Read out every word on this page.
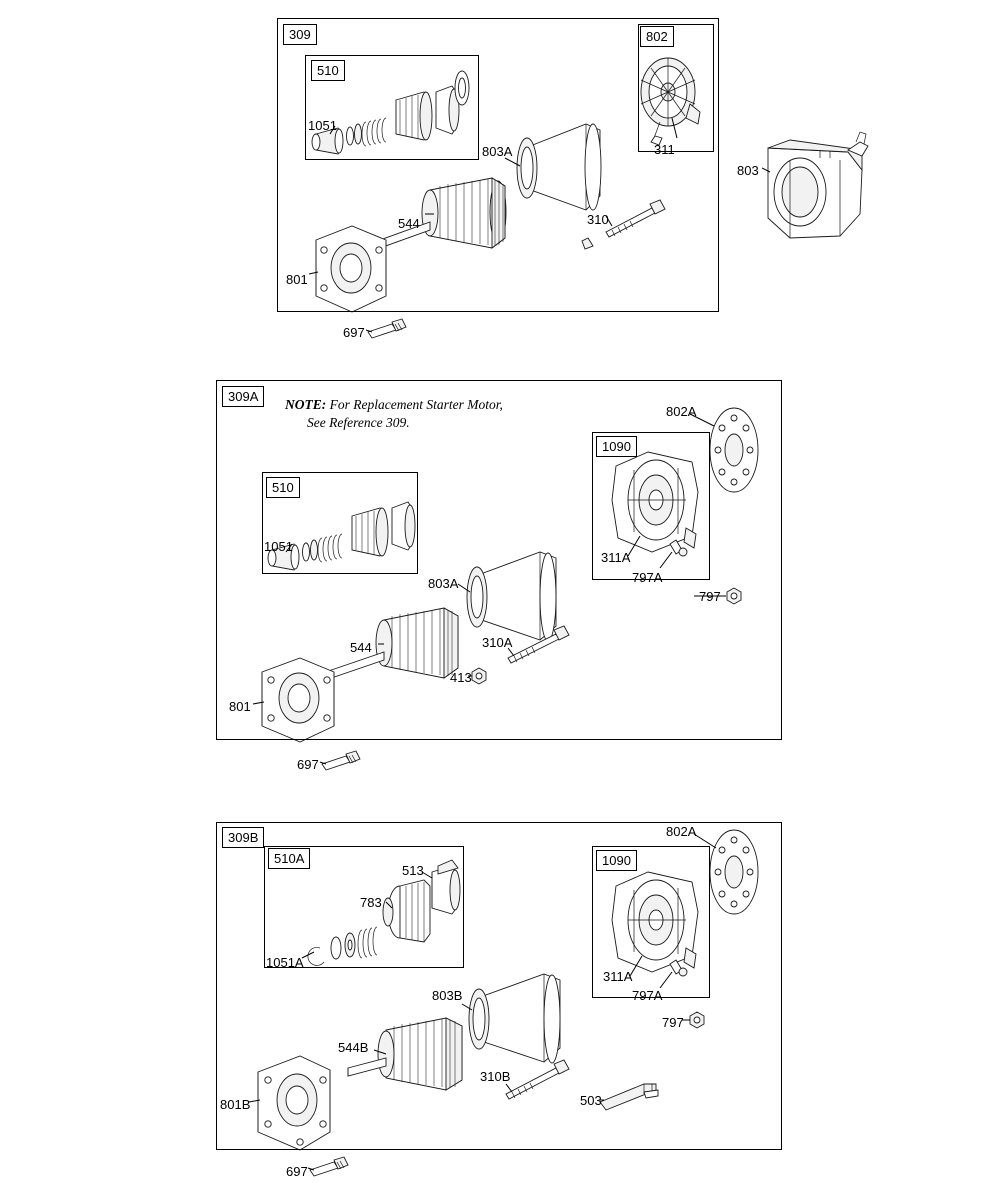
309
510
802
309A
510
1090
309B
510A	1090
NOTE: For Replacement Starter Motor,
See Reference 309.
1051
803A	311
803
544	310
801
697
802A
1051
311A
797A
797
803A
544	310A
413
801
697
802A
513
783
1051A
311A
797A
797
803B
544B
310B
503
801B
697
